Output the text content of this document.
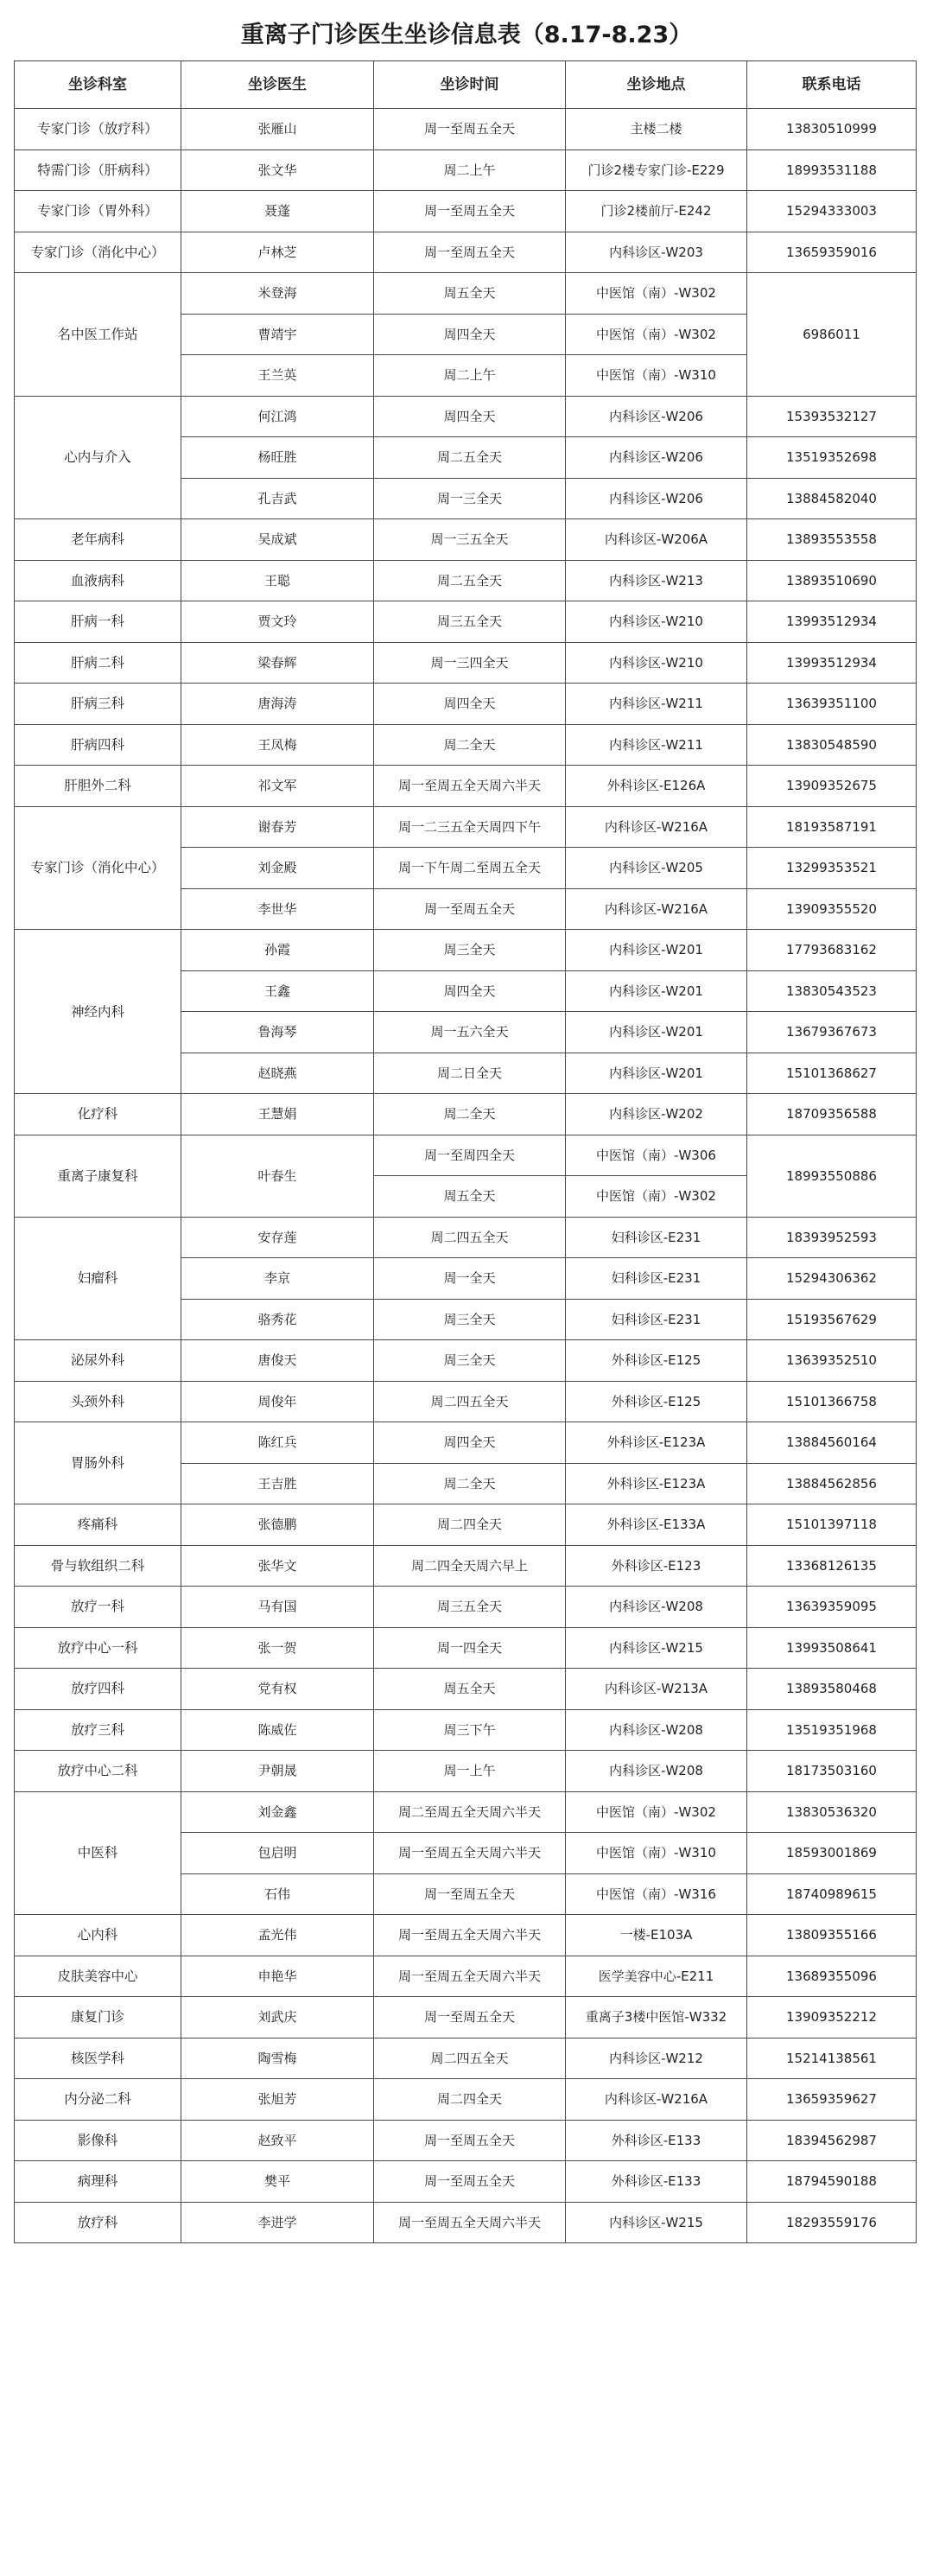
重离子门诊医生坐诊信息表（8.17-8.23）
坐诊科室	坐诊医生	坐诊时间	坐诊地点	联系电话
专家门诊（放疗科）	张雁山	周一至周五全天	主楼二楼	13830510999
特需门诊（肝病科）	张文华	周二上午	门诊2楼专家门诊-E229	18993531188
专家门诊（胃外科）	聂蓬	周一至周五全天	门诊2楼前厅-E242	15294333003
专家门诊（消化中心）	卢林芝	周一至周五全天	内科诊区-W203	13659359016
名中医工作站	米登海	周五全天	中医馆（南）-W302	6986011
	曹靖宇	周四全天	中医馆（南）-W302	
	王兰英	周二上午	中医馆（南）-W310	
心内与介入	何江鸿	周四全天	内科诊区-W206	15393532127
	杨旺胜	周二五全天	内科诊区-W206	13519352698
	孔吉武	周一三全天	内科诊区-W206	13884582040
老年病科	吴成斌	周一三五全天	内科诊区-W206A	13893553558
血液病科	王聪	周二五全天	内科诊区-W213	13893510690
肝病一科	贾文玲	周三五全天	内科诊区-W210	13993512934
肝病二科	梁春辉	周一三四全天	内科诊区-W210	13993512934
肝病三科	唐海涛	周四全天	内科诊区-W211	13639351100
肝病四科	王凤梅	周二全天	内科诊区-W211	13830548590
肝胆外二科	祁文军	周一至周五全天周六半天	外科诊区-E126A	13909352675
专家门诊（消化中心）	谢春芳	周一二三五全天周四下午	内科诊区-W216A	18193587191
	刘金殿	周一下午周二至周五全天	内科诊区-W205	13299353521
	李世华	周一至周五全天	内科诊区-W216A	13909355520
神经内科	孙霞	周三全天	内科诊区-W201	17793683162
	王鑫	周四全天	内科诊区-W201	13830543523
	鲁海琴	周一五六全天	内科诊区-W201	13679367673
	赵晓燕	周二日全天	内科诊区-W201	15101368627
化疗科	王慧娟	周二全天	内科诊区-W202	18709356588
重离子康复科	叶春生	周一至周四全天	中医馆（南）-W306	18993550886
		周五全天	中医馆（南）-W302	
妇瘤科	安存莲	周二四五全天	妇科诊区-E231	18393952593
	李京	周一全天	妇科诊区-E231	15294306362
	骆秀花	周三全天	妇科诊区-E231	15193567629
泌尿外科	唐俊天	周三全天	外科诊区-E125	13639352510
头颈外科	周俊年	周二四五全天	外科诊区-E125	15101366758
胃肠外科	陈红兵	周四全天	外科诊区-E123A	13884560164
	王吉胜	周二全天	外科诊区-E123A	13884562856
疼痛科	张德鹏	周二四全天	外科诊区-E133A	15101397118
骨与软组织二科	张华文	周二四全天周六早上	外科诊区-E123	13368126135
放疗一科	马有国	周三五全天	内科诊区-W208	13639359095
放疗中心一科	张一贺	周一四全天	内科诊区-W215	13993508641
放疗四科	党有权	周五全天	内科诊区-W213A	13893580468
放疗三科	陈威佐	周三下午	内科诊区-W208	13519351968
放疗中心二科	尹朝晟	周一上午	内科诊区-W208	18173503160
中医科	刘金鑫	周二至周五全天周六半天	中医馆（南）-W302	13830536320
	包启明	周一至周五全天周六半天	中医馆（南）-W310	18593001869
	石伟	周一至周五全天	中医馆（南）-W316	18740989615
心内科	孟光伟	周一至周五全天周六半天	一楼-E103A	13809355166
皮肤美容中心	申艳华	周一至周五全天周六半天	医学美容中心-E211	13689355096
康复门诊	刘武庆	周一至周五全天	重离子3楼中医馆-W332	13909352212
核医学科	陶雪梅	周二四五全天	内科诊区-W212	15214138561
内分泌二科	张旭芳	周二四全天	内科诊区-W216A	13659359627
影像科	赵致平	周一至周五全天	外科诊区-E133	18394562987
病理科	樊平	周一至周五全天	外科诊区-E133	18794590188
放疗科	李进学	周一至周五全天周六半天	内科诊区-W215	18293559176
